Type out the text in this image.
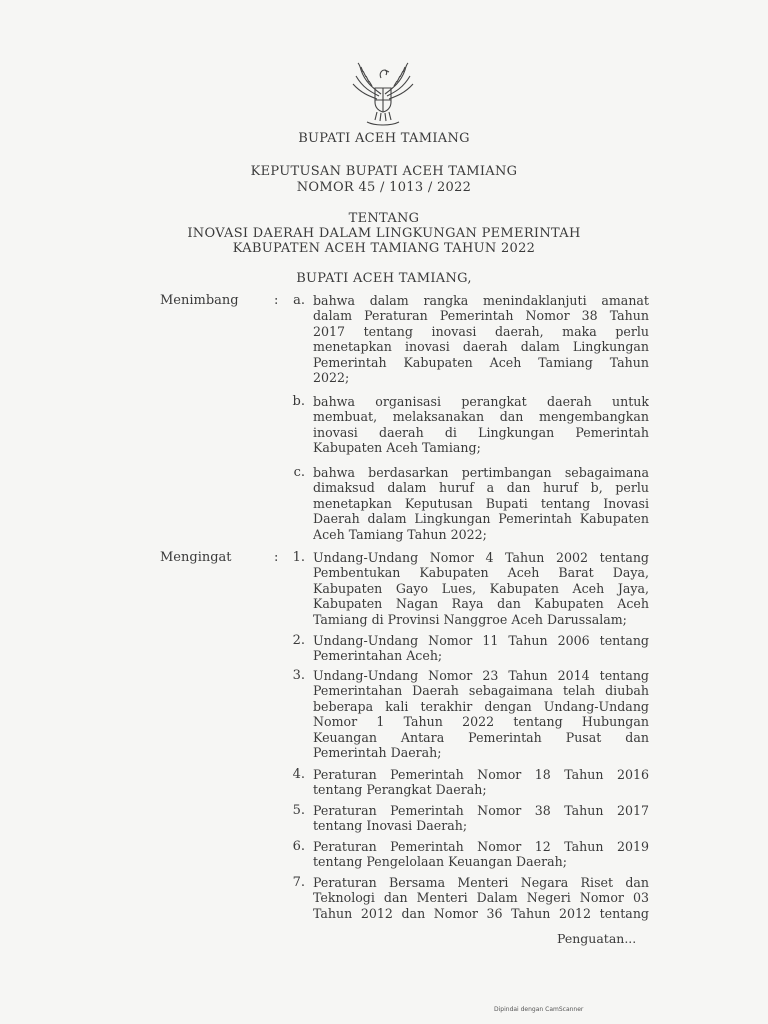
BUPATI ACEH TAMIANG
KEPUTUSAN BUPATI ACEH TAMIANG
NOMOR 45 / 1013 / 2022
TENTANG
INOVASI DAERAH DALAM LINGKUNGAN PEMERINTAH
KABUPATEN ACEH TAMIANG TAHUN 2022
BUPATI ACEH TAMIANG,
Menimbang	:	a. bahwa dalam rangka menindaklanjuti amanat
dalam Peraturan Pemerintah Nomor 38 Tahun
2017 tentang inovasi daerah, maka perlu
menetapkan inovasi daerah dalam Lingkungan
Pemerintah Kabupaten Aceh Tamiang Tahun
2022;
b. bahwa organisasi perangkat daerah untuk
membuat, melaksanakan dan mengembangkan
inovasi daerah di Lingkungan Pemerintah
Kabupaten Aceh Tamiang;
c. bahwa berdasarkan pertimbangan sebagaimana
dimaksud dalam huruf a dan huruf b, perlu
menetapkan Keputusan Bupati tentang Inovasi
Daerah dalam Lingkungan Pemerintah Kabupaten
Aceh Tamiang Tahun 2022;
Mengingat	:	1. Undang-Undang Nomor 4 Tahun 2002 tentang
Pembentukan Kabupaten Aceh Barat Daya,
Kabupaten Gayo Lues, Kabupaten Aceh Jaya,
Kabupaten Nagan Raya dan Kabupaten Aceh
Tamiang di Provinsi Nanggroe Aceh Darussalam;
2. Undang-Undang Nomor 11 Tahun 2006 tentang
Pemerintahan Aceh;
3. Undang-Undang Nomor 23 Tahun 2014 tentang
Pemerintahan Daerah sebagaimana telah diubah
beberapa kali terakhir dengan Undang-Undang
Nomor 1 Tahun 2022 tentang Hubungan
Keuangan Antara Pemerintah Pusat dan
Pemerintah Daerah;
4. Peraturan Pemerintah Nomor 18 Tahun 2016
tentang Perangkat Daerah;
5. Peraturan Pemerintah Nomor 38 Tahun 2017
tentang Inovasi Daerah;
6. Peraturan Pemerintah Nomor 12 Tahun 2019
tentang Pengelolaan Keuangan Daerah;
7. Peraturan Bersama Menteri Negara Riset dan
Teknologi dan Menteri Dalam Negeri Nomor 03
Tahun 2012 dan Nomor 36 Tahun 2012 tentang
Penguatan...
Dipindai dengan CamScanner
